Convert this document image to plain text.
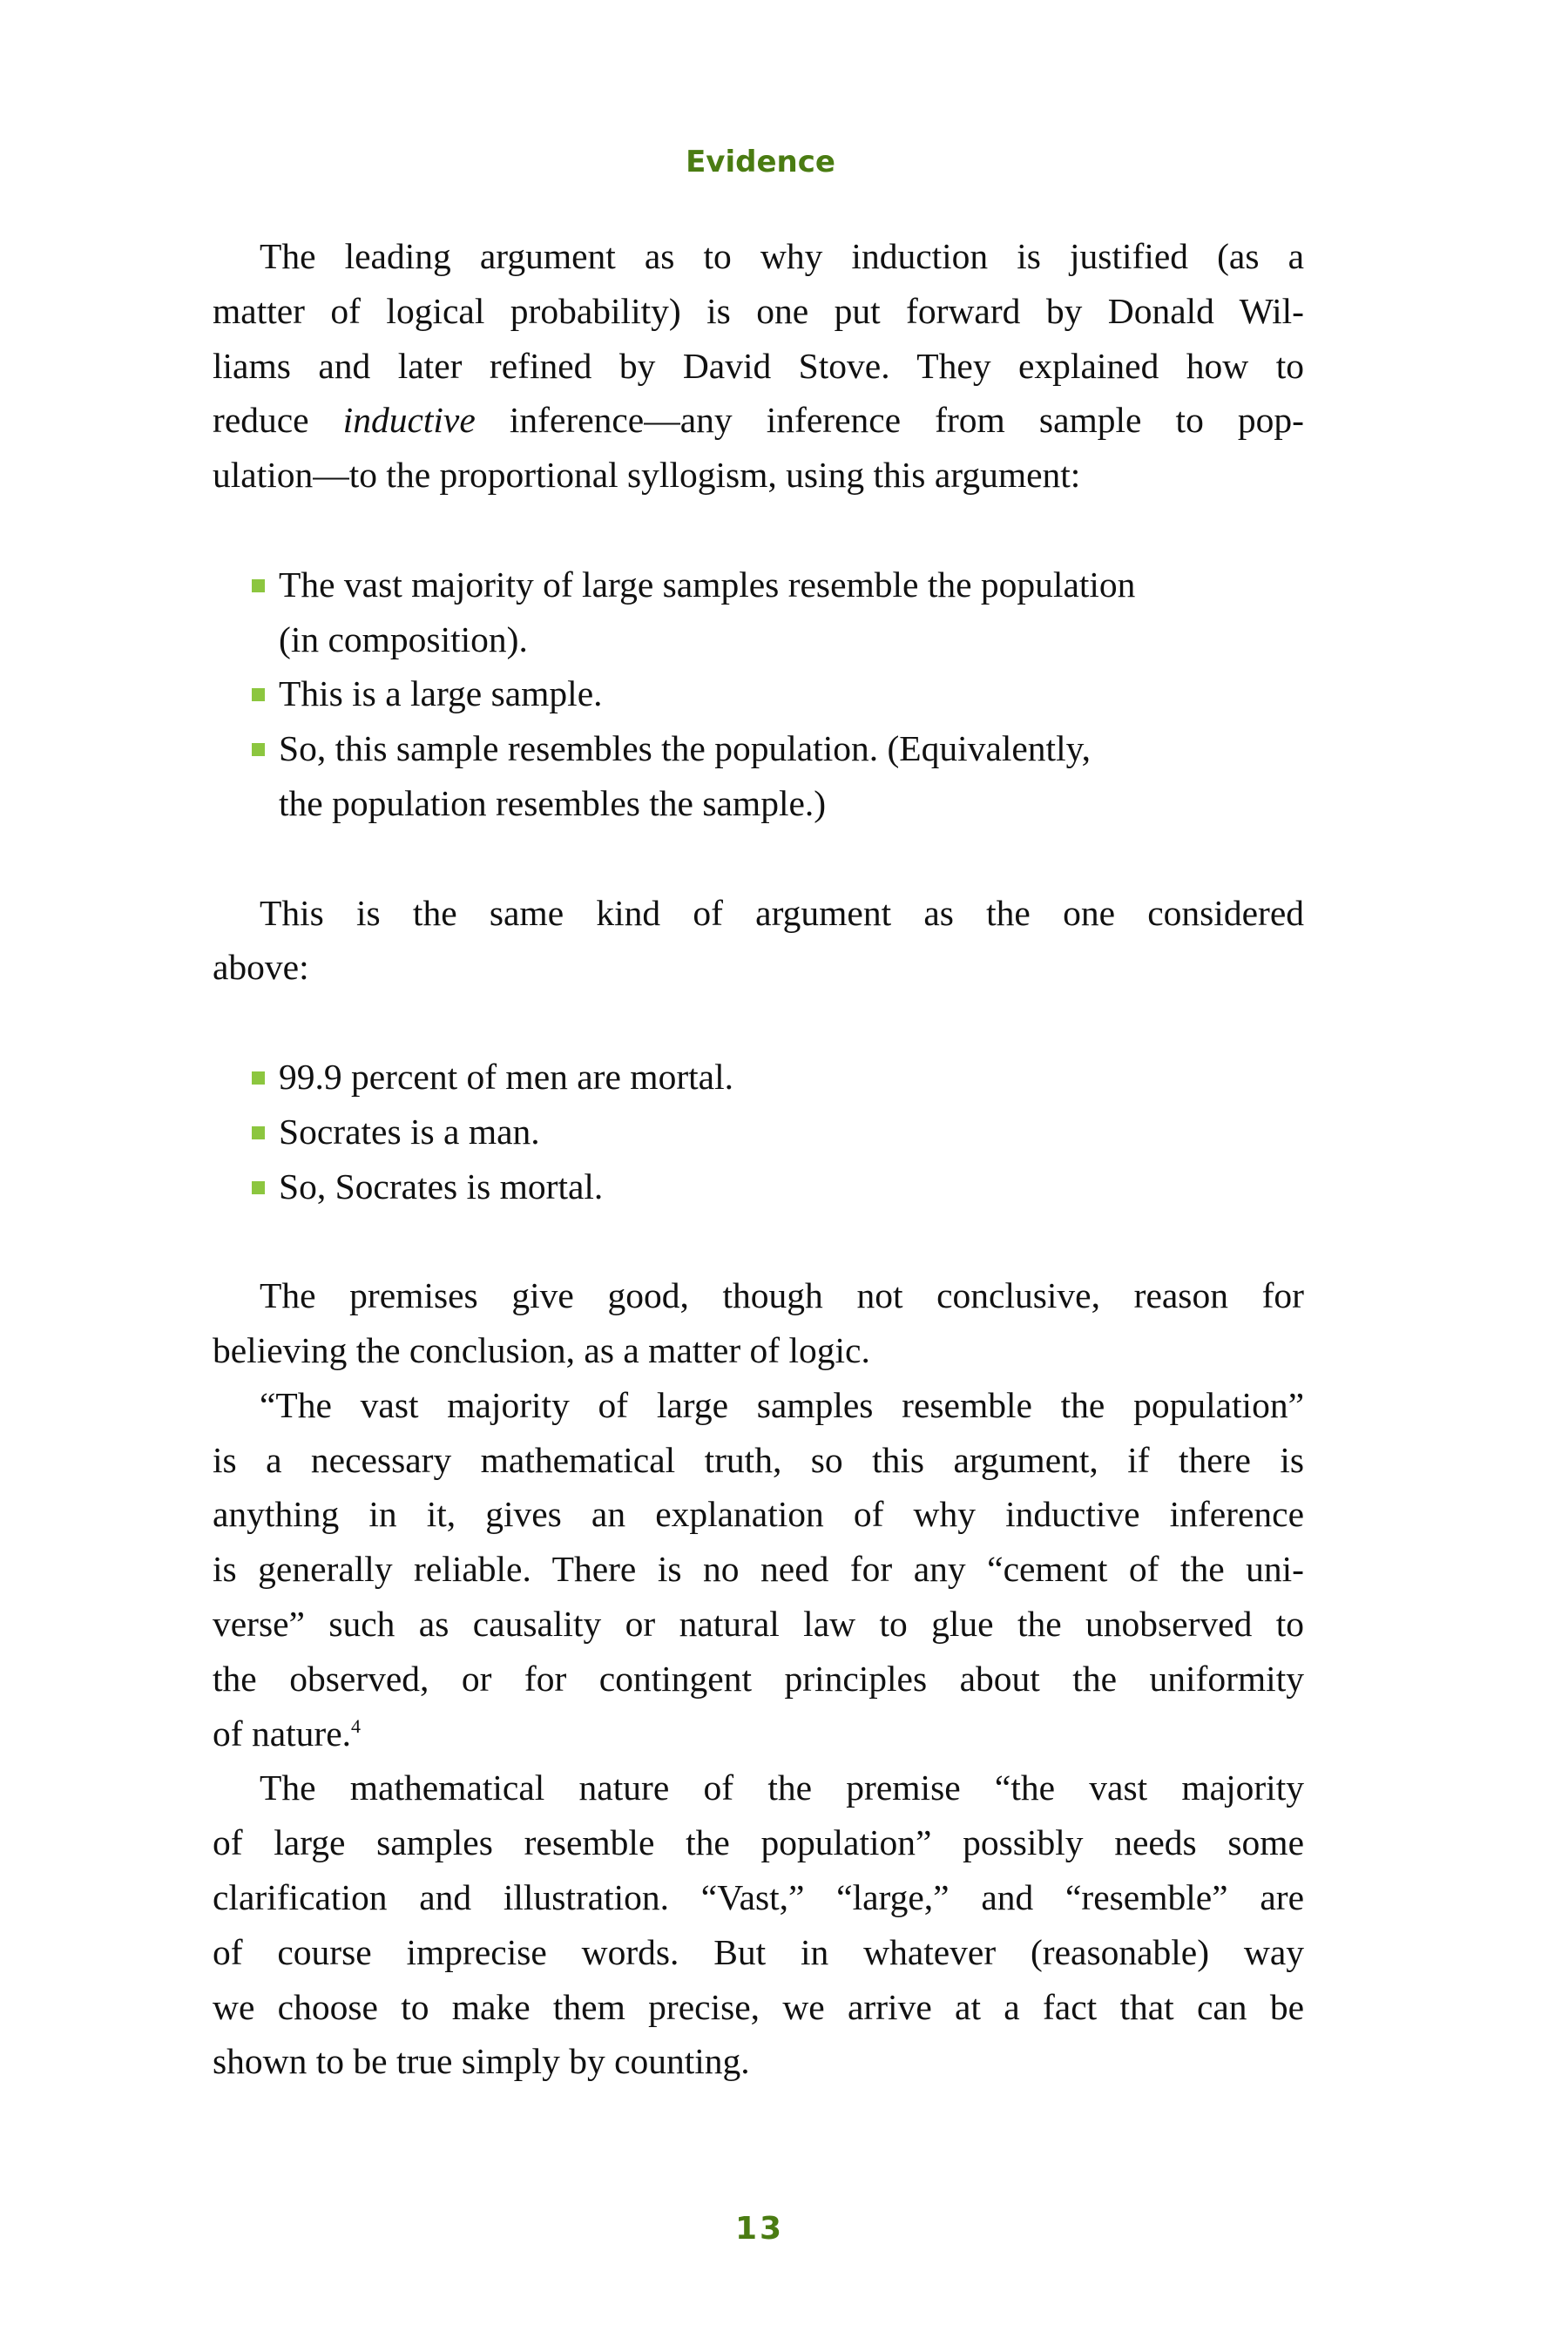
Evidence
The leading argument as to why induction is justified (as a
matter of logical probability) is one put forward by Donald Wil-
liams and later refined by David Stove. They explained how to
reduce inductive inference—any inference from sample to pop-
ulation—to the proportional syllogism, using this argument:
The vast majority of large samples resemble the population
(in composition).
This is a large sample.
So, this sample resembles the population. (Equivalently,
the population resembles the sample.)
This is the same kind of argument as the one considered
above:
99.9 percent of men are mortal.
Socrates is a man.
So, Socrates is mortal.
The premises give good, though not conclusive, reason for
believing the conclusion, as a matter of logic.
“The vast majority of large samples resemble the population”
is a necessary mathematical truth, so this argument, if there is
anything in it, gives an explanation of why inductive inference
is generally reliable. There is no need for any “cement of the uni-
verse” such as causality or natural law to glue the unobserved to
the observed, or for contingent principles about the uniformity
of nature.$^4$
The mathematical nature of the premise “the vast majority
of large samples resemble the population” possibly needs some
clarification and illustration. “Vast,” “large,” and “resemble” are
of course imprecise words. But in whatever (reasonable) way
we choose to make them precise, we arrive at a fact that can be
shown to be true simply by counting.
13
